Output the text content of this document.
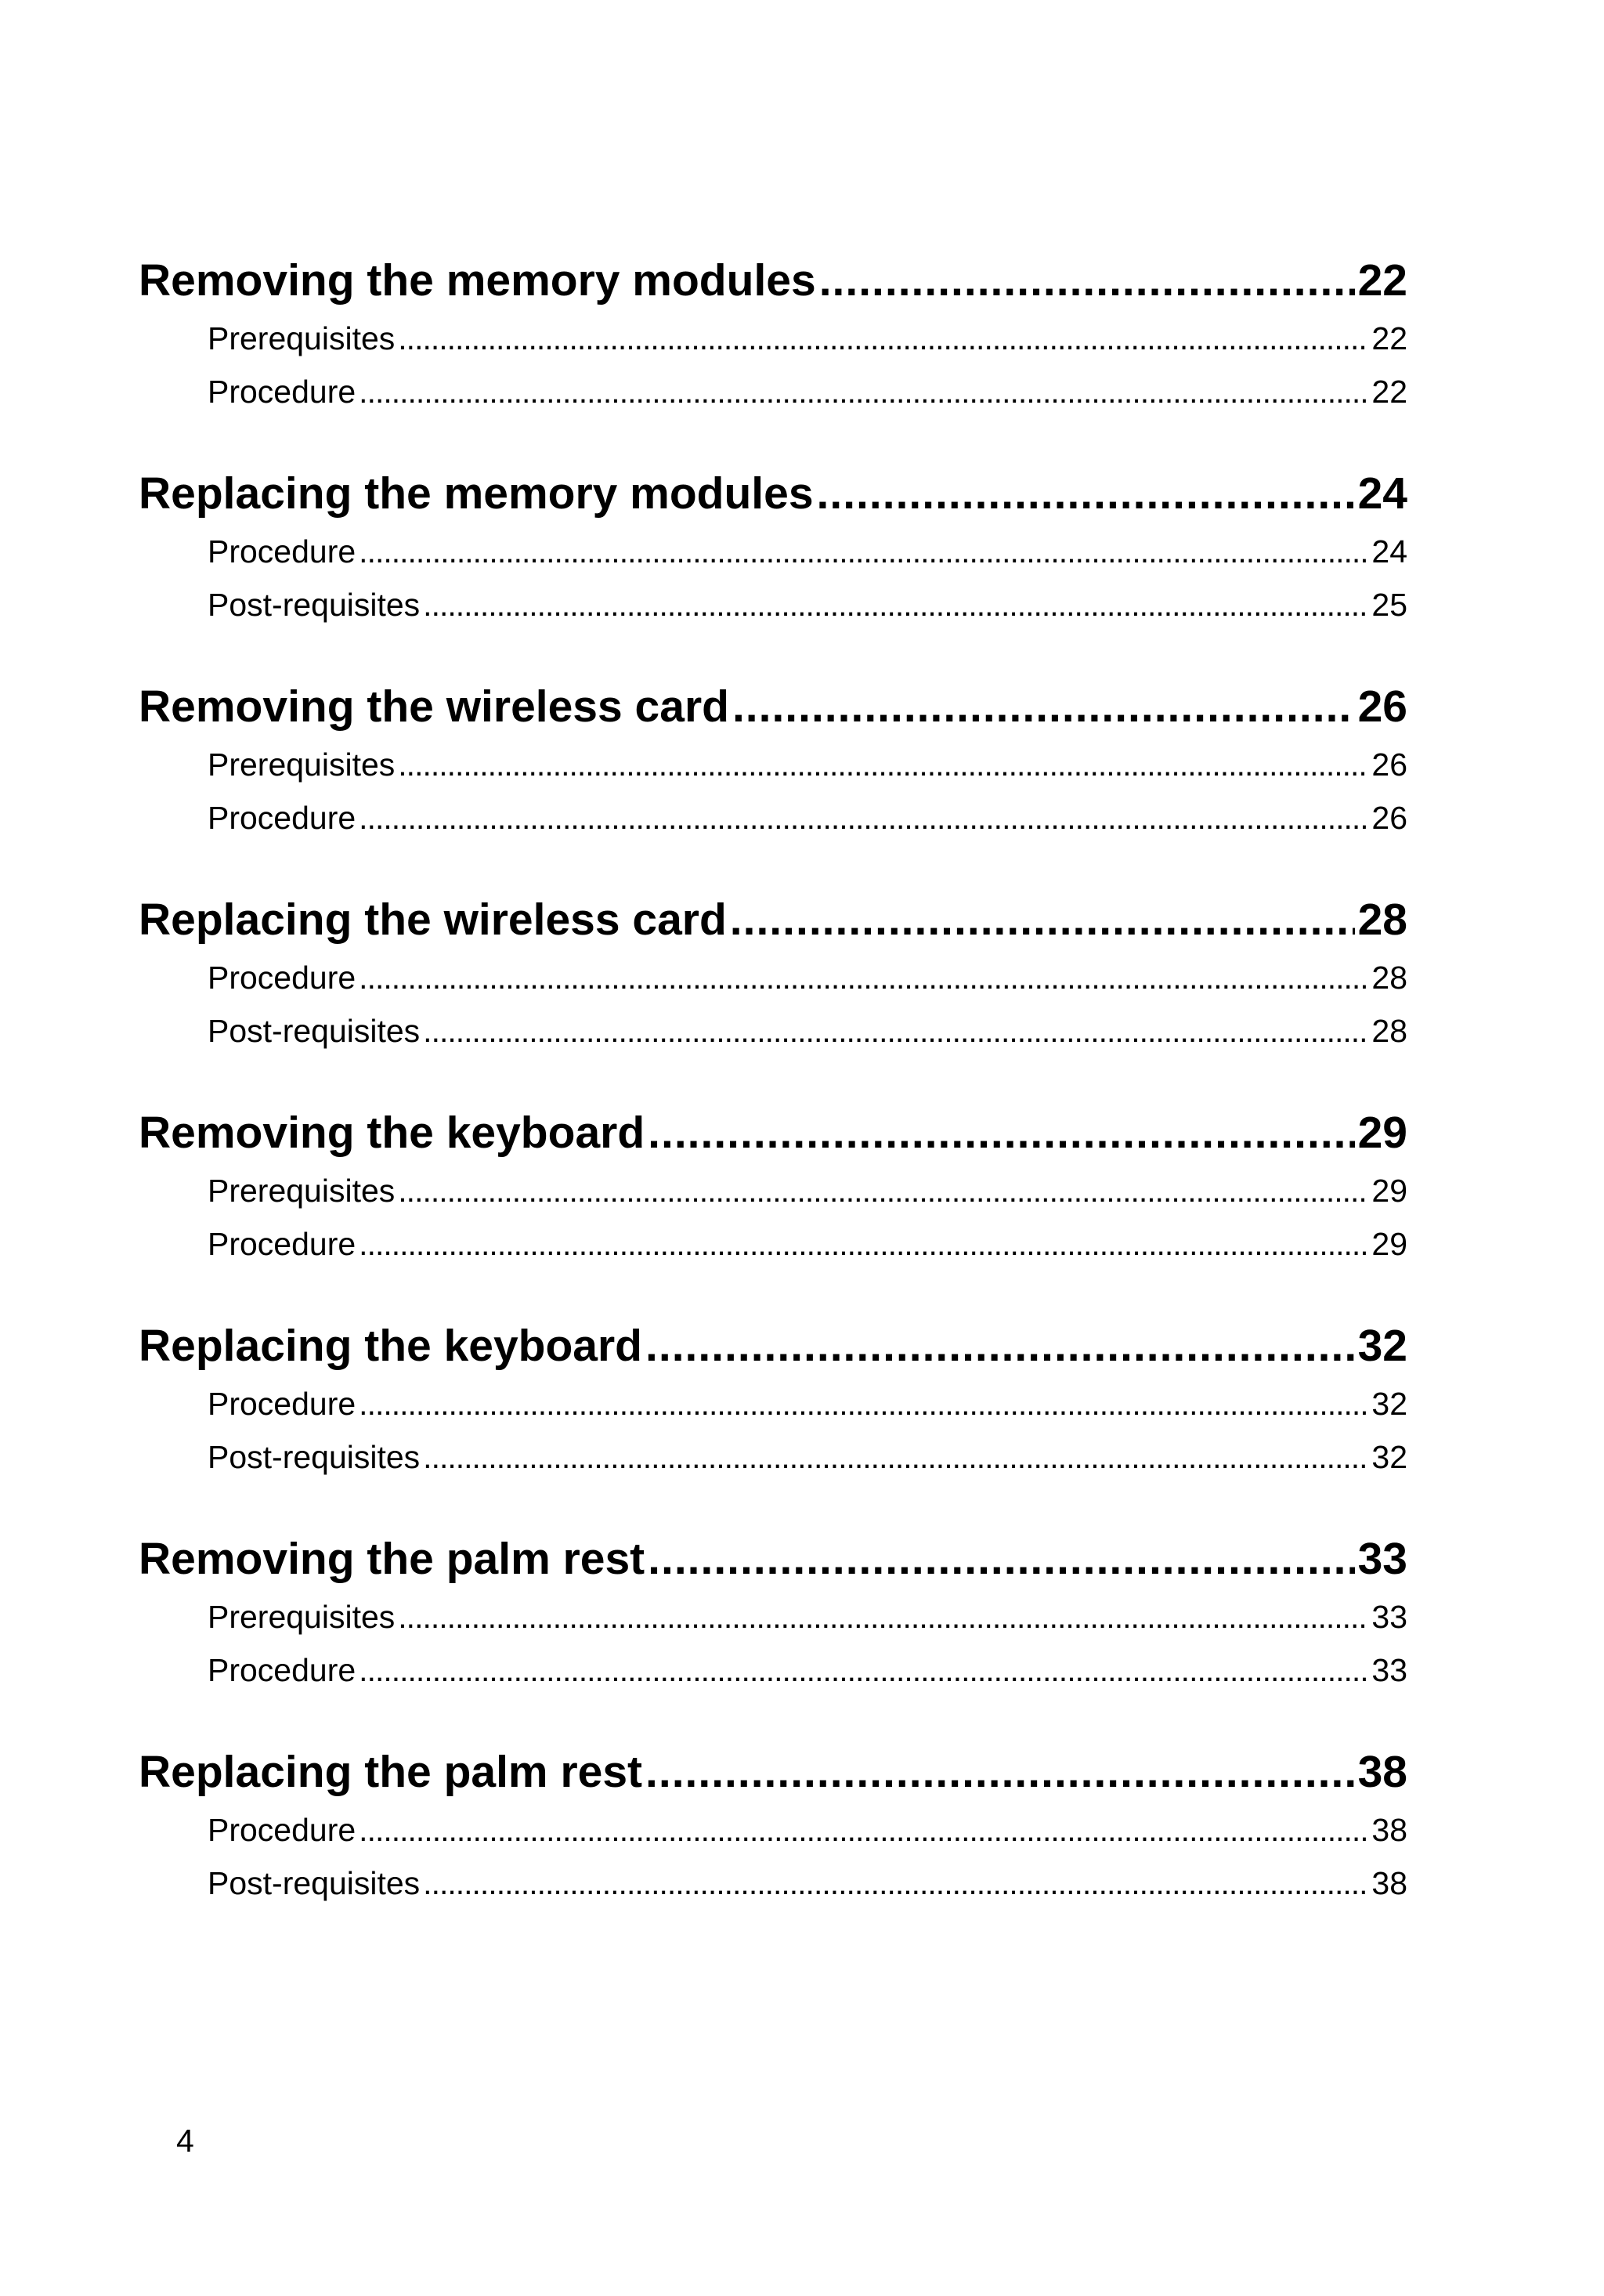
Removing the memory modules .....	22
Prerequisites .....	22
Procedure .....	22
Replacing the memory modules .....	24
Procedure .....	24
Post-requisites .....	25
Removing the wireless card .....	26
Prerequisites .....	26
Procedure .....	26
Replacing the wireless card .....	28
Procedure .....	28
Post-requisites .....	28
Removing the keyboard .....	29
Prerequisites .....	29
Procedure .....	29
Replacing the keyboard .....	32
Procedure .....	32
Post-requisites .....	32
Removing the palm rest .....	33
Prerequisites .....	33
Procedure .....	33
Replacing the palm rest .....	38
Procedure .....	38
Post-requisites .....	38
4
